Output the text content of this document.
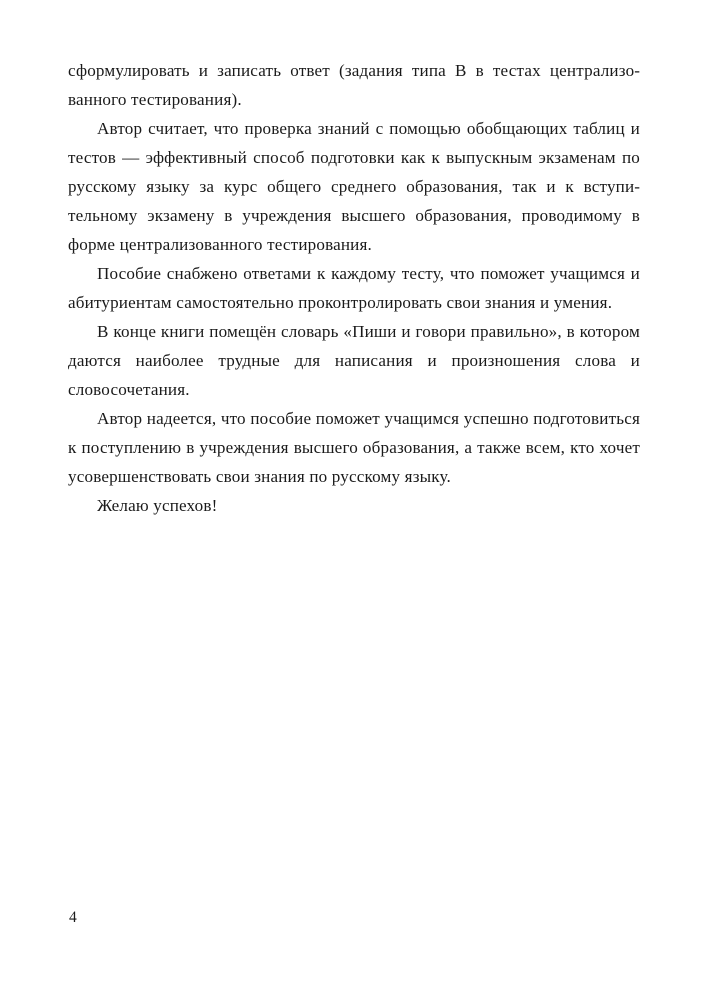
сформулировать и записать ответ (задания типа В в тестах централизованного тестирования).

Автор считает, что проверка знаний с помощью обобщающих таблиц и тестов — эффективный способ подготовки как к выпускным экзаменам по русскому языку за курс общего среднего образования, так и к вступительному экзамену в учреждения высшего образования, проводимому в форме централизованного тестирования.

Пособие снабжено ответами к каждому тесту, что поможет учащимся и абитуриентам самостоятельно проконтролировать свои знания и умения.

В конце книги помещён словарь «Пиши и говори правильно», в котором даются наиболее трудные для написания и произношения слова и словосочетания.

Автор надеется, что пособие поможет учащимся успешно подготовиться к поступлению в учреждения высшего образования, а также всем, кто хочет усовершенствовать свои знания по русскому языку.

Желаю успехов!

4
